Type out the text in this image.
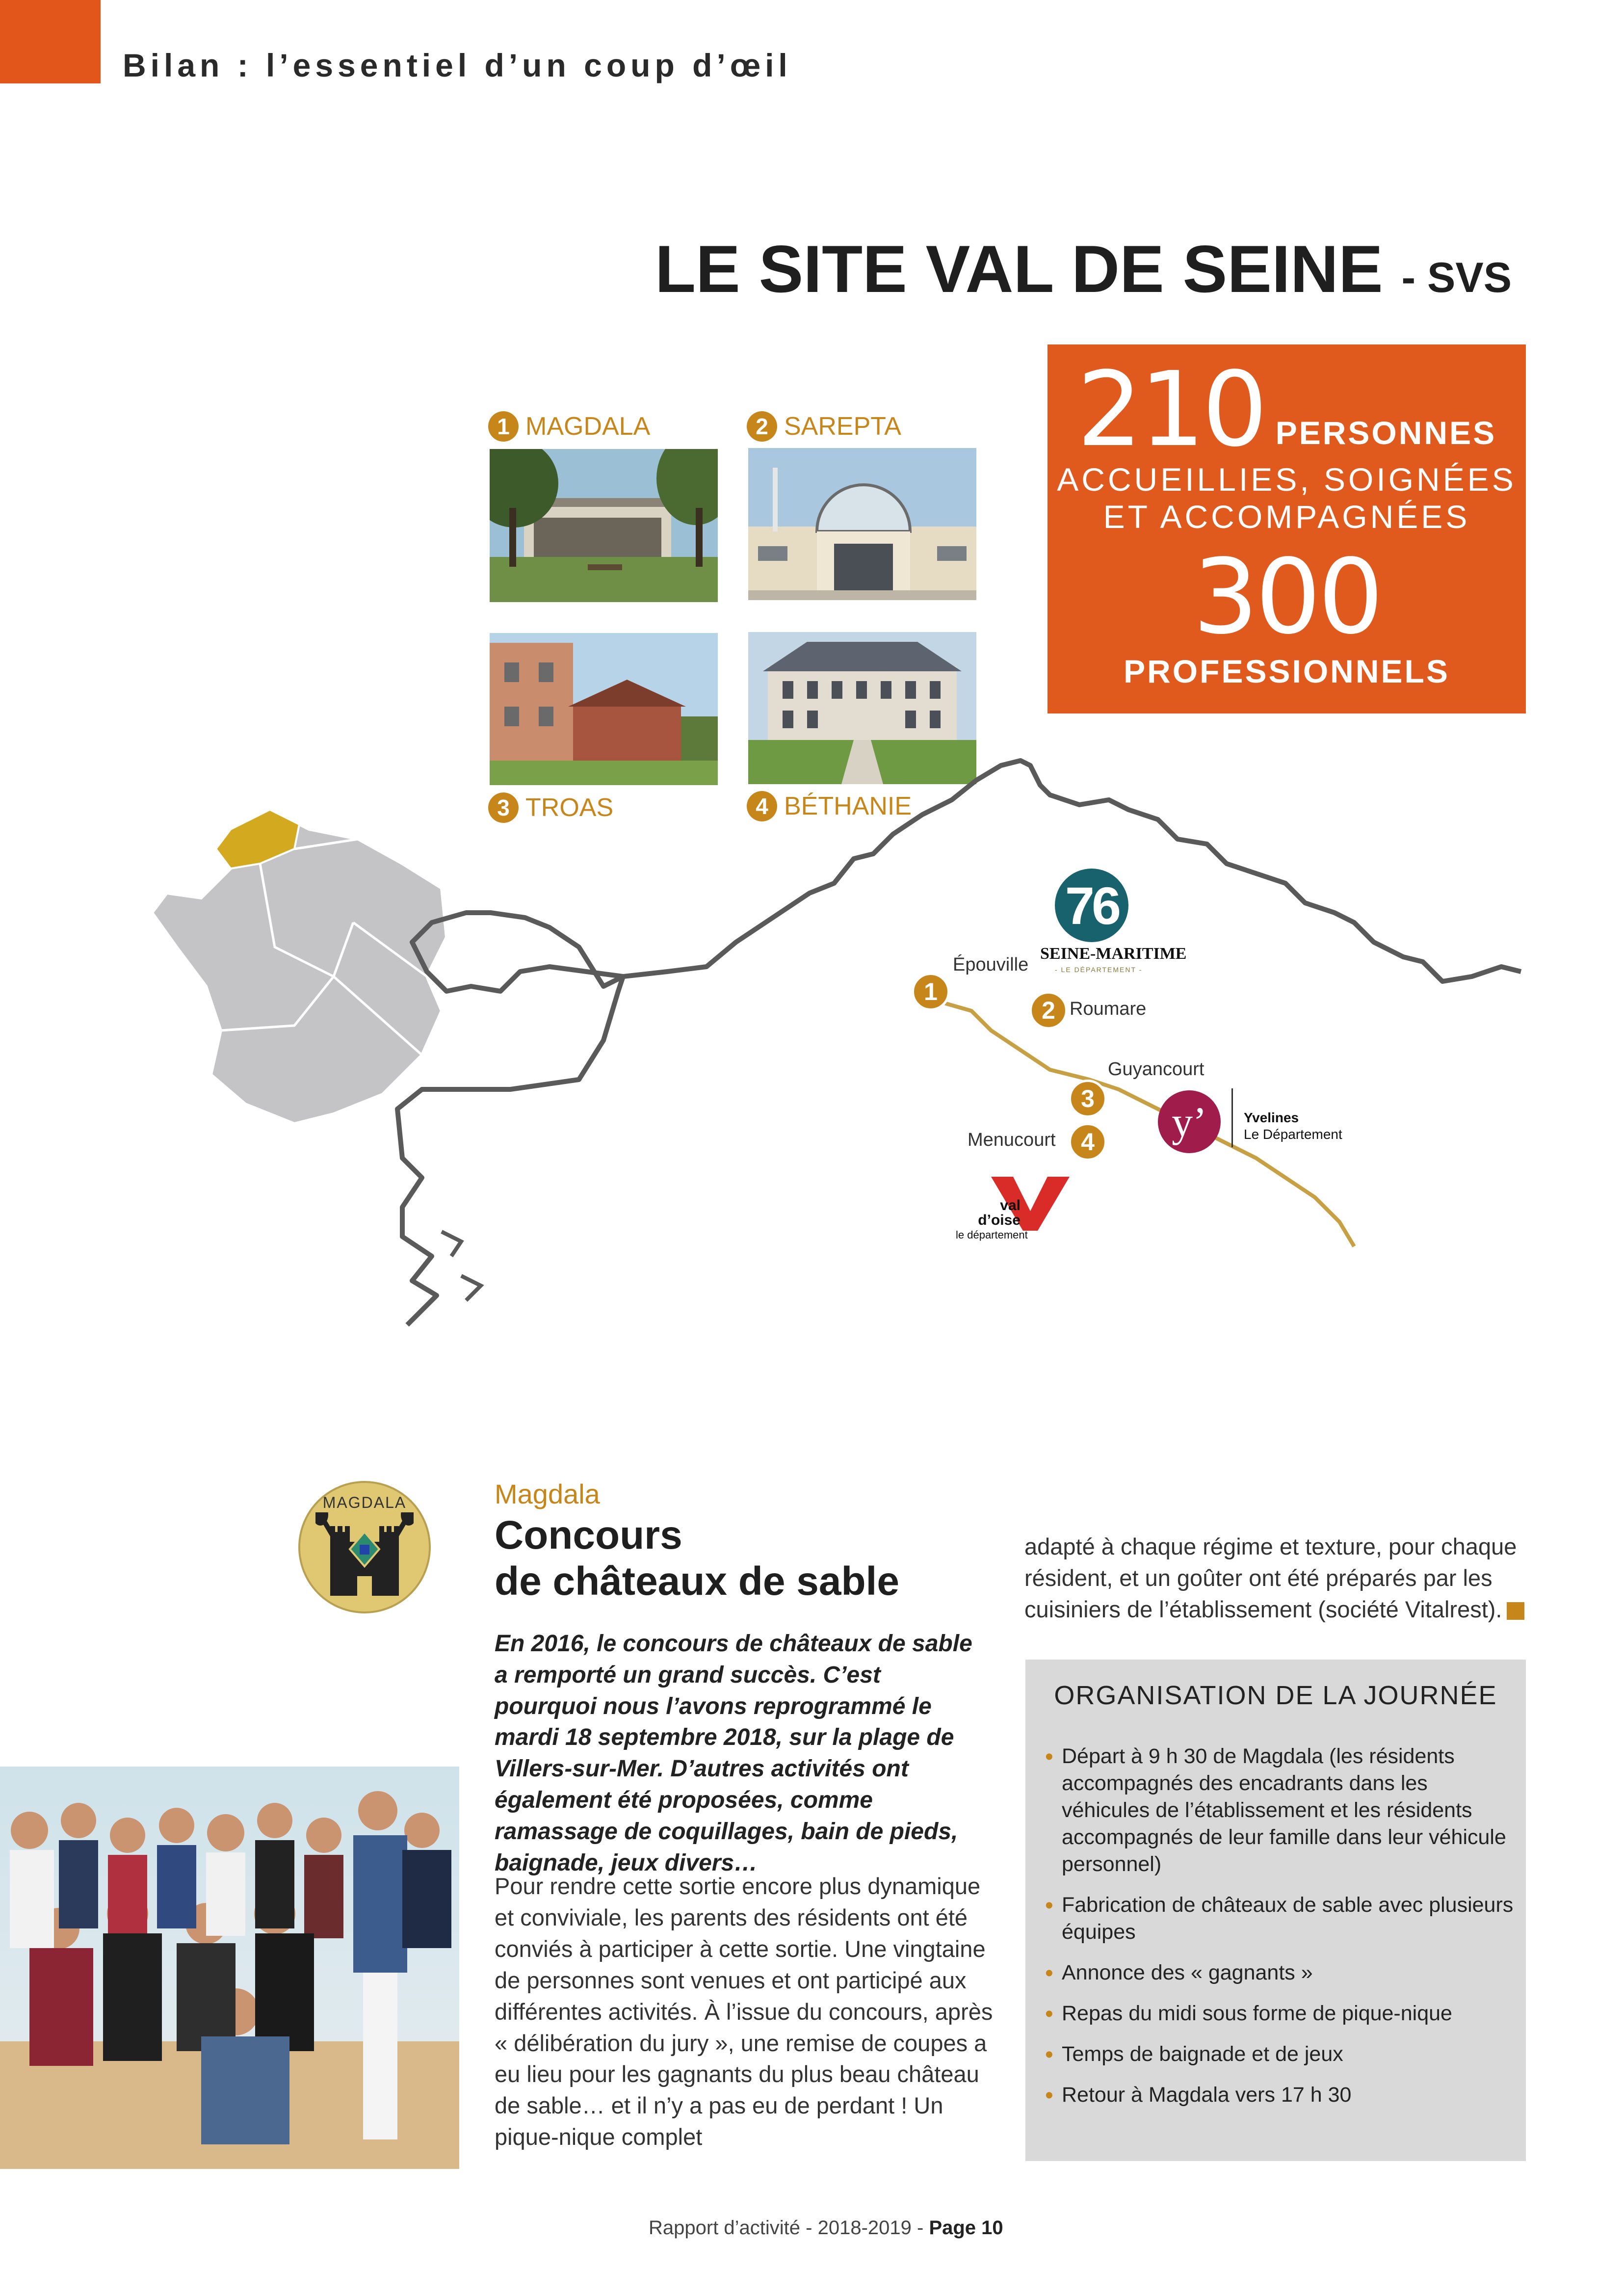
Bilan : l’essentiel d’un coup d’œil
LE SITE VAL DE SEINE - SVS
210 PERSONNES
ACCUEILLIES, SOIGNÉES
ET ACCOMPAGNÉES
300
PROFESSIONNELS
1 MAGDALA	2 SAREPTA
3 TROAS	4 BÉTHANIE
1
Épouville
2 Roumare
3
Guyancourt
4
Menucourt
76
SEINE-MARITIME
- LE DÉPARTEMENT -
y’	Yvelines
Le Département
val
d’oise
le département
MAGDALA	Magdala
Concours
de châteaux de sable
En 2016, le concours de châteaux de sable a remporté un grand succès. C’est pourquoi nous l’avons reprogrammé le mardi 18 septembre 2018, sur la plage de Villers-sur-Mer. D’autres activités ont également été proposées, comme ramassage de coquillages, bain de pieds, baignade, jeux divers…
Pour rendre cette sortie encore plus dynamique et conviviale, les parents des résidents ont été conviés à participer à cette sortie. Une vingtaine de personnes sont venues et ont participé aux différentes activités. À l’issue du concours, après « délibération du jury », une remise de coupes a eu lieu pour les gagnants du plus beau château de sable… et il n’y a pas eu de perdant ! Un pique-nique complet
adapté à chaque régime et texture, pour chaque résident, et un goûter ont été préparés par les cuisiniers de l’établissement (société Vitalrest).
ORGANISATION DE LA JOURNÉE
• Départ à 9 h 30 de Magdala (les résidents accompagnés des encadrants dans les véhicules de l’établissement et les résidents accompagnés de leur famille dans leur véhicule personnel)
• Fabrication de châteaux de sable avec plusieurs équipes
• Annonce des « gagnants »
• Repas du midi sous forme de pique-nique
• Temps de baignade et de jeux
• Retour à Magdala vers 17 h 30
Rapport d’activité - 2018-2019 - Page 10
